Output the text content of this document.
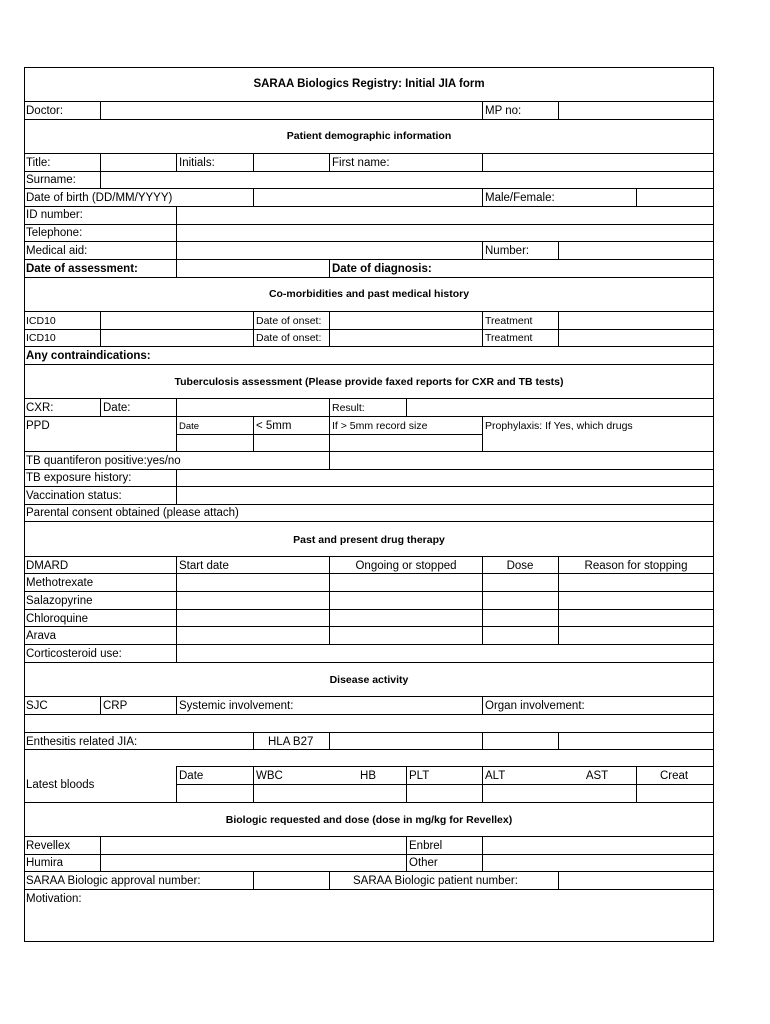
SARAA Biologics Registry: Initial JIA form
Doctor:	MP no:
Patient demographic information
Title:	Initials:	First name:
Surname:
Date of birth (DD/MM/YYYY)	Male/Female:
ID number:
Telephone:
Medical aid:	Number:
Date of assessment:	Date of diagnosis:
Co-morbidities and past medical history
ICD10	Date of onset:	Treatment
ICD10	Date of onset:	Treatment
Any contraindications:
Tuberculosis assessment (Please provide faxed reports for CXR and TB tests)
CXR:	Date:	Result:
PPD	Date	< 5mm	If > 5mm record size	Prophylaxis: If Yes, which drugs
TB quantiferon positive:yes/no
TB exposure history:
Vaccination status:
Parental consent obtained (please attach)
Past and present drug therapy
DMARD	Start date	Ongoing or stopped	Dose	Reason for stopping
Methotrexate
Salazopyrine
Chloroquine
Arava
Corticosteroid use:
Disease activity
SJC	CRP	Systemic involvement:	Organ involvement:
Enthesitis related JIA:	HLA B27
Latest bloods
Date	WBC	HB	PLT	ALT	AST	Creat
Biologic requested and dose (dose in mg/kg for Revellex)
Revellex	Enbrel
Humira	Other
SARAA Biologic approval number:	SARAA Biologic patient number:
Motivation:
